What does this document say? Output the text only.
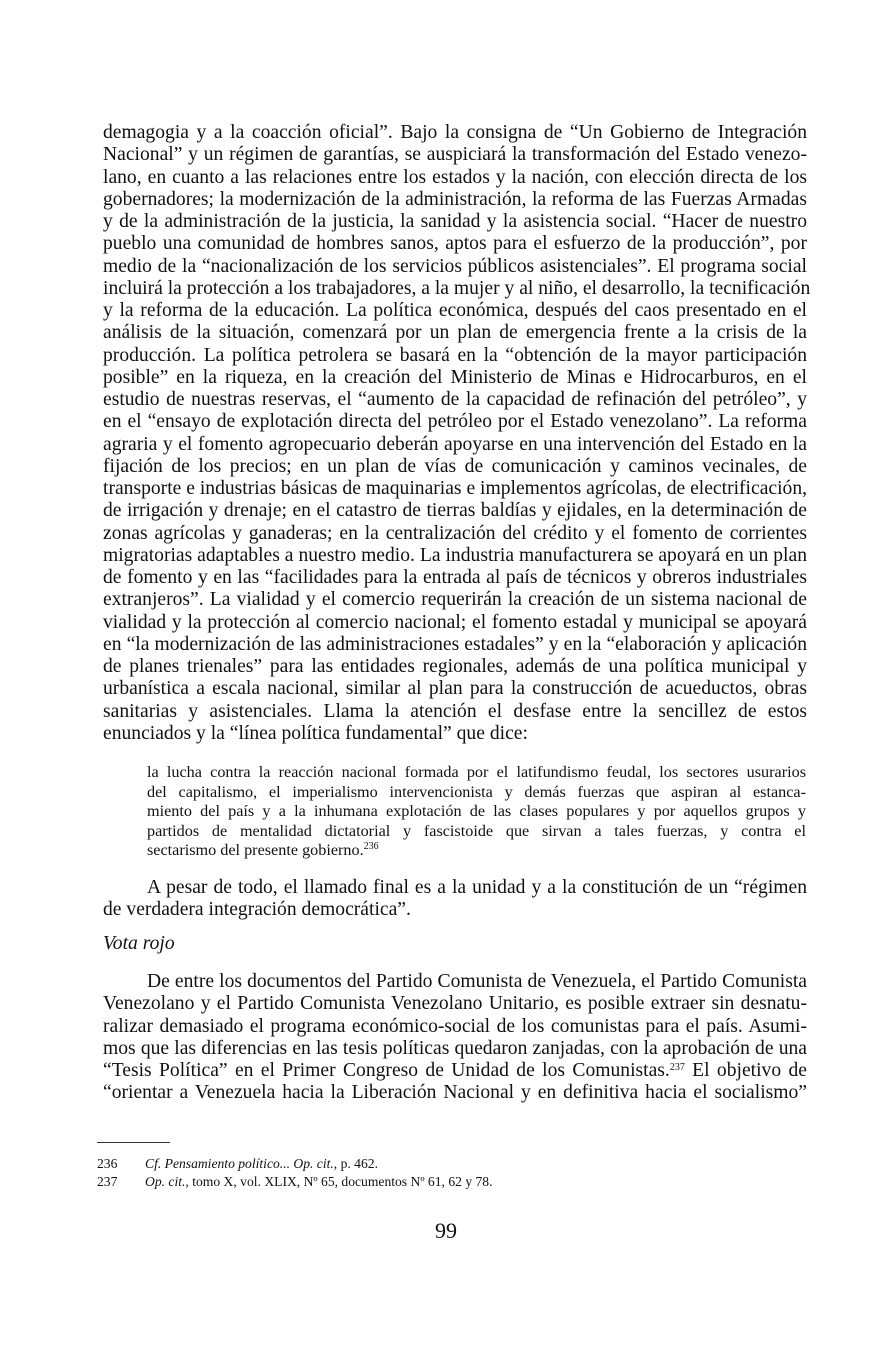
demagogia y a la coacción oficial”. Bajo la consigna de “Un Gobierno de Integración
Nacional” y un régimen de garantías, se auspiciará la transformación del Estado venezo-
lano, en cuanto a las relaciones entre los estados y la nación, con elección directa de los
gobernadores; la modernización de la administración, la reforma de las Fuerzas Armadas
y de la administración de la justicia, la sanidad y la asistencia social. “Hacer de nuestro
pueblo una comunidad de hombres sanos, aptos para el esfuerzo de la producción”, por
medio de la “nacionalización de los servicios públicos asistenciales”. El programa social
incluirá la protección a los trabajadores, a la mujer y al niño, el desarrollo, la tecnificación
y la reforma de la educación. La política económica, después del caos presentado en el
análisis de la situación, comenzará por un plan de emergencia frente a la crisis de la
producción. La política petrolera se basará en la “obtención de la mayor participación
posible” en la riqueza, en la creación del Ministerio de Minas e Hidrocarburos, en el
estudio de nuestras reservas, el “aumento de la capacidad de refinación del petróleo”, y
en el “ensayo de explotación directa del petróleo por el Estado venezolano”. La reforma
agraria y el fomento agropecuario deberán apoyarse en una intervención del Estado en la
fijación de los precios; en un plan de vías de comunicación y caminos vecinales, de
transporte e industrias básicas de maquinarias e implementos agrícolas, de electrificación,
de irrigación y drenaje; en el catastro de tierras baldías y ejidales, en la determinación de
zonas agrícolas y ganaderas; en la centralización del crédito y el fomento de corrientes
migratorias adaptables a nuestro medio. La industria manufacturera se apoyará en un plan
de fomento y en las “facilidades para la entrada al país de técnicos y obreros industriales
extranjeros”. La vialidad y el comercio requerirán la creación de un sistema nacional de
vialidad y la protección al comercio nacional; el fomento estadal y municipal se apoyará
en “la modernización de las administraciones estadales” y en la “elaboración y aplicación
de planes trienales” para las entidades regionales, además de una política municipal y
urbanística a escala nacional, similar al plan para la construcción de acueductos, obras
sanitarias y asistenciales. Llama la atención el desfase entre la sencillez de estos
enunciados y la “línea política fundamental” que dice:
la lucha contra la reacción nacional formada por el latifundismo feudal, los sectores usurarios
del capitalismo, el imperialismo intervencionista y demás fuerzas que aspiran al estanca-
miento del país y a la inhumana explotación de las clases populares y por aquellos grupos y
partidos de mentalidad dictatorial y fascistoide que sirvan a tales fuerzas, y contra el
sectarismo del presente gobierno.$^{236}$
A pesar de todo, el llamado final es a la unidad y a la constitución de un “régimen
de verdadera integración democrática”.
Vota rojo
De entre los documentos del Partido Comunista de Venezuela, el Partido Comunista
Venezolano y el Partido Comunista Venezolano Unitario, es posible extraer sin desnatu-
ralizar demasiado el programa económico-social de los comunistas para el país. Asumi-
mos que las diferencias en las tesis políticas quedaron zanjadas, con la aprobación de una
“Tesis Política” en el Primer Congreso de Unidad de los Comunistas.$^{237}$ El objetivo de
“orientar a Venezuela hacia la Liberación Nacional y en definitiva hacia el socialismo”
236	Cf. Pensamiento político... Op. cit., p. 462.
237	Op. cit., tomo X, vol. XLIX, Nº 65, documentos Nº 61, 62 y 78.
99
